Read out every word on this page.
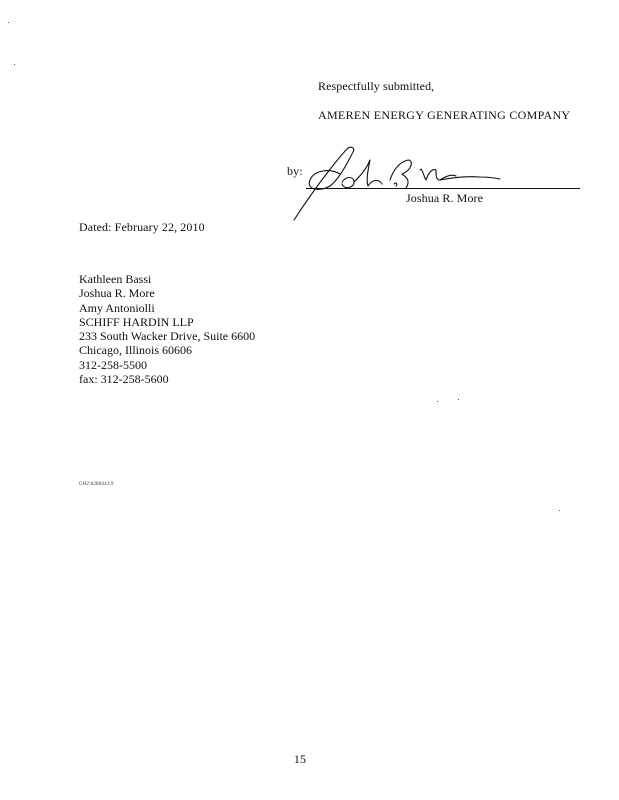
Respectfully submitted,
AMEREN ENERGY GENERATING COMPANY
by:
Joshua R. More
Dated: February 22, 2010
Kathleen Bassi
Joshua R. More
Amy Antoniolli
SCHIFF HARDIN LLP
233 South Wacker Drive, Suite 6600
Chicago, Illinois 60606
312-258-5500
fax: 312-258-5600
CH2\8280443.9
15
